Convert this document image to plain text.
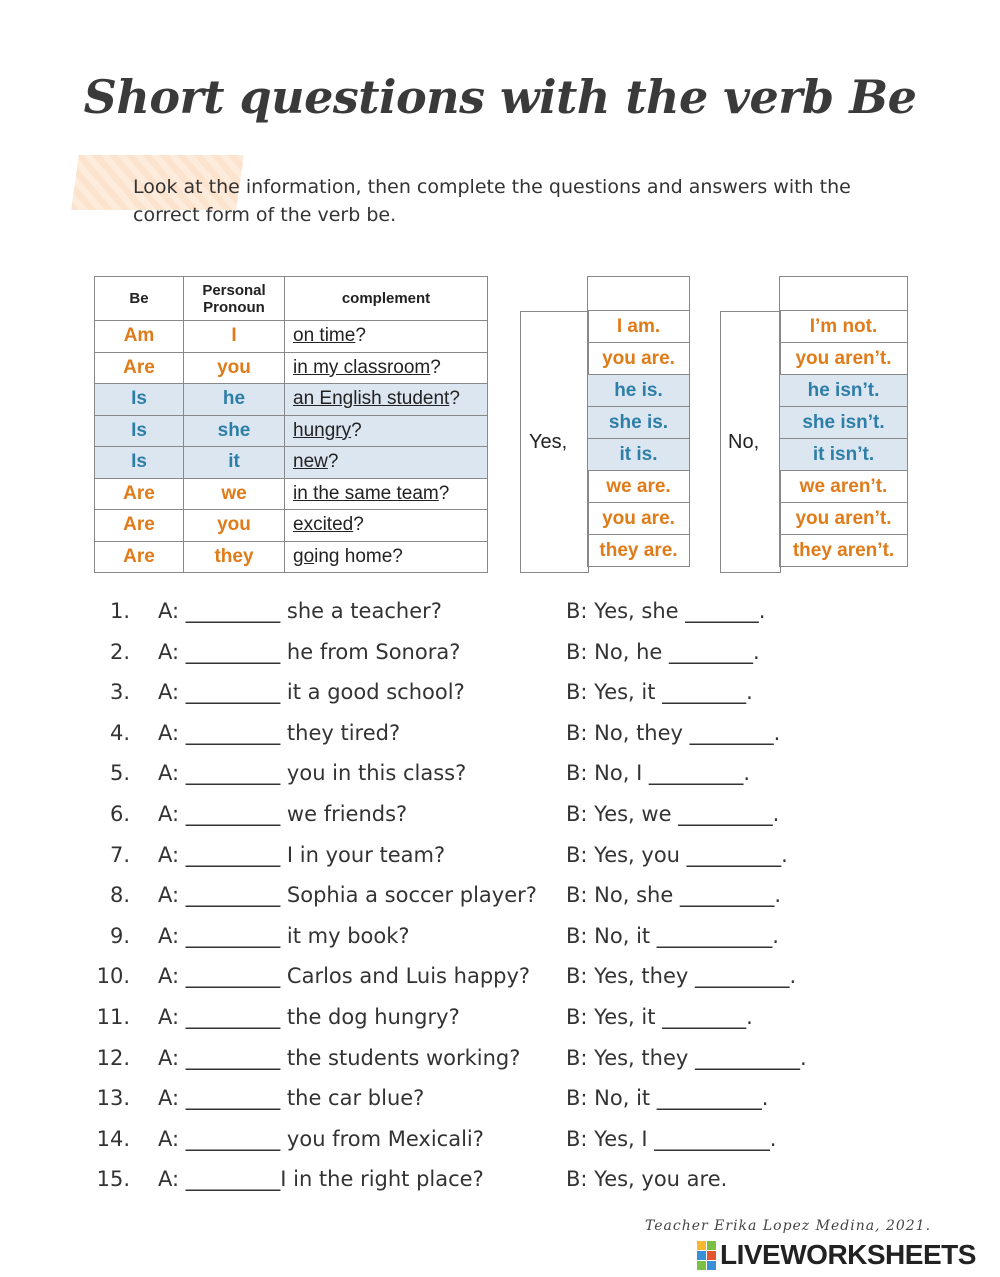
Short questions with the verb Be
Look at the information, then complete the questions and answers with the correct form of the verb be.
Be	Personal Pronoun	complement
Am	I	on time?
Are	you	in my classroom?
Is	he	an English student?
Is	she	hungry?
Is	it	new?
Are	we	in the same team?
Are	you	excited?
Are	they	going home?
Yes,

I am.
you are.
he is.
she is.
it is.
we are.
you are.
they are.
No,

I’m not.
you aren’t.
he isn’t.
she isn’t.
it isn’t.
we aren’t.
you aren’t.
they aren’t.
1. A: _________ she a teacher?	B: Yes, she _______.
2. A: _________ he from Sonora?	B: No, he ________.
3. A: _________ it a good school?	B: Yes, it ________.
4. A: _________ they tired?	B: No, they ________.
5. A: _________ you in this class?	B: No, I _________.
6. A: _________ we friends?	B: Yes, we _________.
7. A: _________ I in your team?	B: Yes, you _________.
8. A: _________ Sophia a soccer player? B: No, she _________.
9. A: _________ it my book?	B: No, it ___________.
10. A: _________ Carlos and Luis happy? B: Yes, they _________.
11. A: _________ the dog hungry?	B: Yes, it ________.
12. A: _________ the students working? B: Yes, they __________.
13. A: _________ the car blue?	B: No, it __________.
14. A: _________ you from Mexicali?	B: Yes, I ___________.
15. A: _________I in the right place?	B: Yes, you are.
Teacher Erika Lopez Medina, 2021.
LIVEWORKSHEETS
